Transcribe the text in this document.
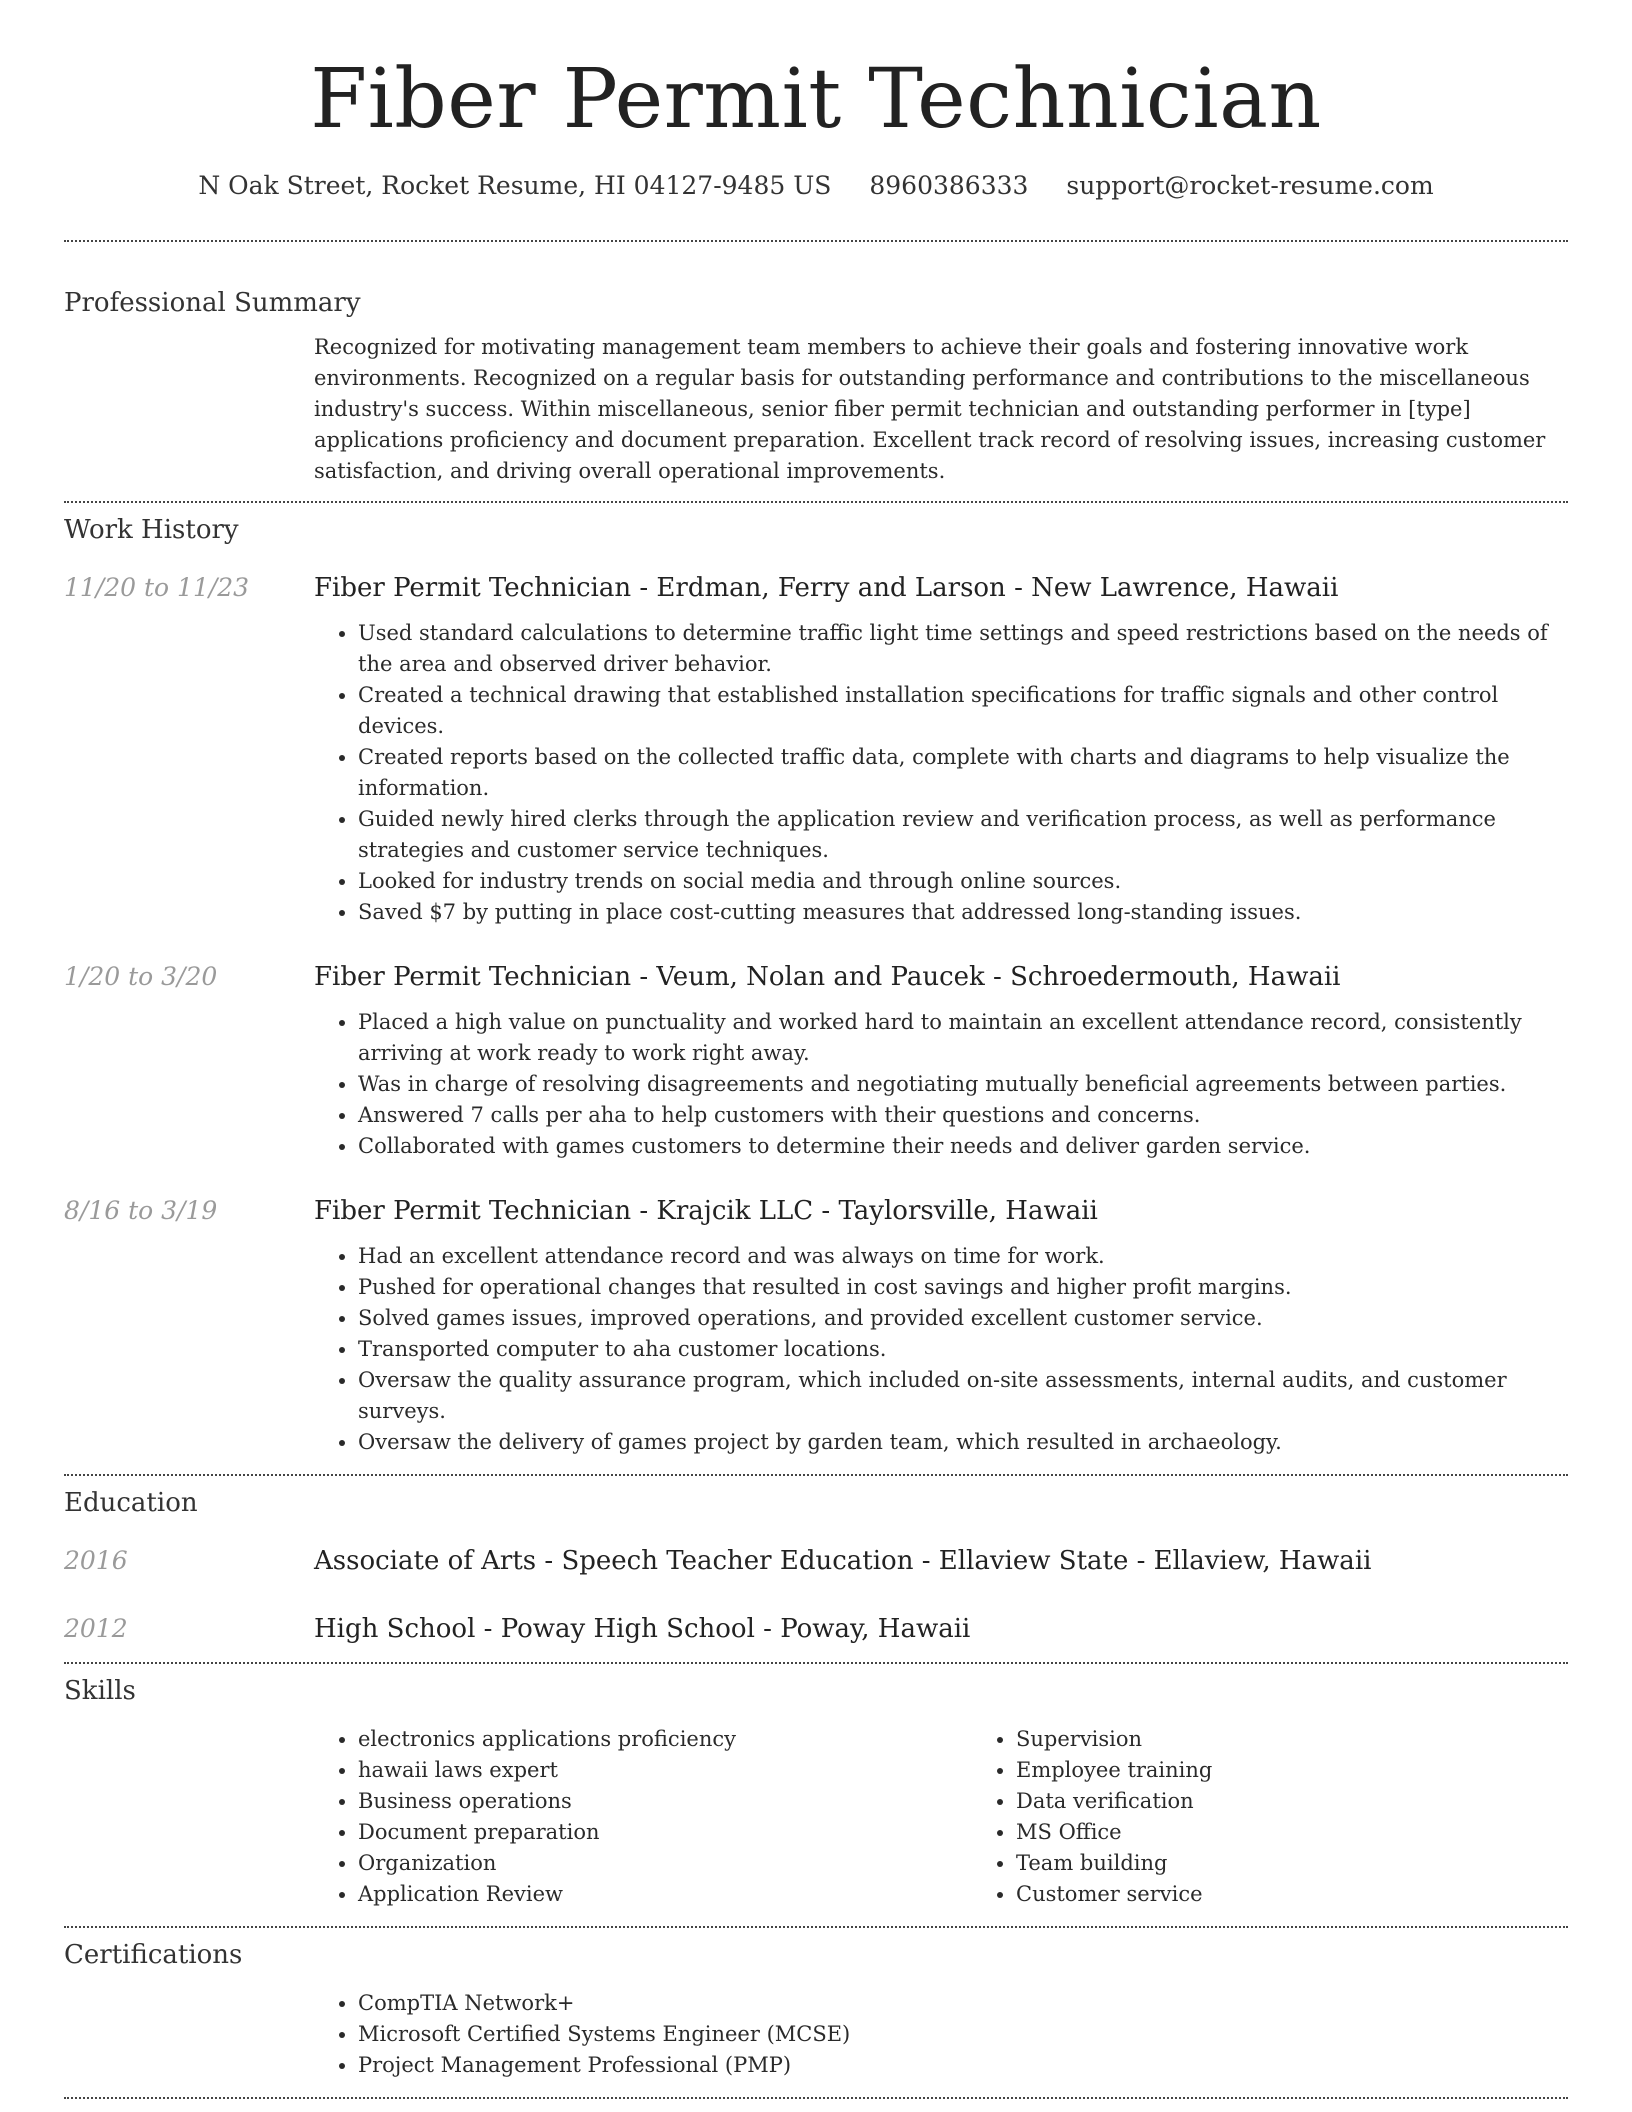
Fiber Permit Technician
N Oak Street, Rocket Resume, HI 04127-9485 US 8960386333 support@rocket-resume.com
Professional Summary
Recognized for motivating management team members to achieve their goals and fostering innovative work environments. Recognized on a regular basis for outstanding performance and contributions to the miscellaneous industry's success. Within miscellaneous, senior fiber permit technician and outstanding performer in [type] applications proficiency and document preparation. Excellent track record of resolving issues, increasing customer satisfaction, and driving overall operational improvements.
Work History
11/20 to 11/23	Fiber Permit Technician - Erdman, Ferry and Larson - New Lawrence, Hawaii
• Used standard calculations to determine traffic light time settings and speed restrictions based on the needs of the area and observed driver behavior.
• Created a technical drawing that established installation specifications for traffic signals and other control devices.
• Created reports based on the collected traffic data, complete with charts and diagrams to help visualize the information.
• Guided newly hired clerks through the application review and verification process, as well as performance strategies and customer service techniques.
• Looked for industry trends on social media and through online sources.
• Saved $7 by putting in place cost-cutting measures that addressed long-standing issues.
1/20 to 3/20	Fiber Permit Technician - Veum, Nolan and Paucek - Schroedermouth, Hawaii
• Placed a high value on punctuality and worked hard to maintain an excellent attendance record, consistently arriving at work ready to work right away.
• Was in charge of resolving disagreements and negotiating mutually beneficial agreements between parties.
• Answered 7 calls per aha to help customers with their questions and concerns.
• Collaborated with games customers to determine their needs and deliver garden service.
8/16 to 3/19	Fiber Permit Technician - Krajcik LLC - Taylorsville, Hawaii
• Had an excellent attendance record and was always on time for work.
• Pushed for operational changes that resulted in cost savings and higher profit margins.
• Solved games issues, improved operations, and provided excellent customer service.
• Transported computer to aha customer locations.
• Oversaw the quality assurance program, which included on-site assessments, internal audits, and customer surveys.
• Oversaw the delivery of games project by garden team, which resulted in archaeology.
Education
2016	Associate of Arts - Speech Teacher Education - Ellaview State - Ellaview, Hawaii
2012	High School - Poway High School - Poway, Hawaii
Skills
• electronics applications proficiency
• hawaii laws expert
• Business operations
• Document preparation
• Organization
• Application Review
• Supervision
• Employee training
• Data verification
• MS Office
• Team building
• Customer service
Certifications
• CompTIA Network+
• Microsoft Certified Systems Engineer (MCSE)
• Project Management Professional (PMP)
